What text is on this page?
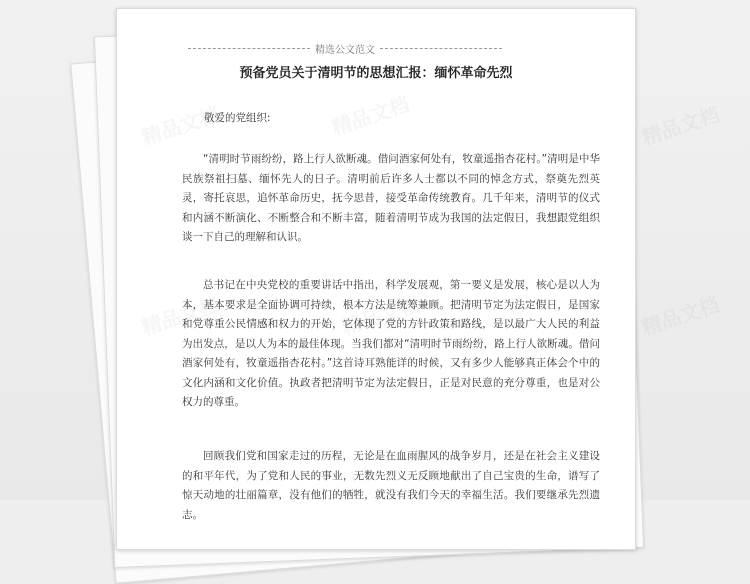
精品文档
精品文档
精选公文范文
预备党员关于清明节的思想汇报：缅怀革命先烈
敬爱的党组织:

“清明时节雨纷纷，路上行人欲断魂。借问酒家何处有，牧童遥指杏花村。”清明是中华民族祭祖扫墓、缅怀先人的日子。清明前后许多人士都以不同的悼念方式，祭奠先烈英灵，寄托哀思，追怀革命历史，抚今思昔，接受革命传统教育。几千年来，清明节的仪式和内涵不断演化、不断整合和不断丰富，随着清明节成为我国的法定假日，我想跟党组织谈一下自己的理解和认识。

总书记在中央党校的重要讲话中指出，科学发展观，第一要义是发展，核心是以人为本，基本要求是全面协调可持续，根本方法是统筹兼顾。把清明节定为法定假日，是国家和党尊重公民情感和权力的开始，它体现了党的方针政策和路线，是以最广大人民的利益为出发点，是以人为本的最佳体现。当我们都对“清明时节雨纷纷，路上行人欲断魂。借问酒家何处有，牧童遥指杏花村。”这首诗耳熟能详的时候，又有多少人能够真正体会个中的文化内涵和文化价值。执政者把清明节定为法定假日，正是对民意的充分尊重，也是对公权力的尊重。

回顾我们党和国家走过的历程，无论是在血雨腥风的战争岁月，还是在社会主义建设的和平年代，为了党和人民的事业，无数先烈义无反顾地献出了自己宝贵的生命，谱写了惊天动地的壮丽篇章，没有他们的牺牲，就没有我们今天的幸福生活。我们要继承先烈遗志。
